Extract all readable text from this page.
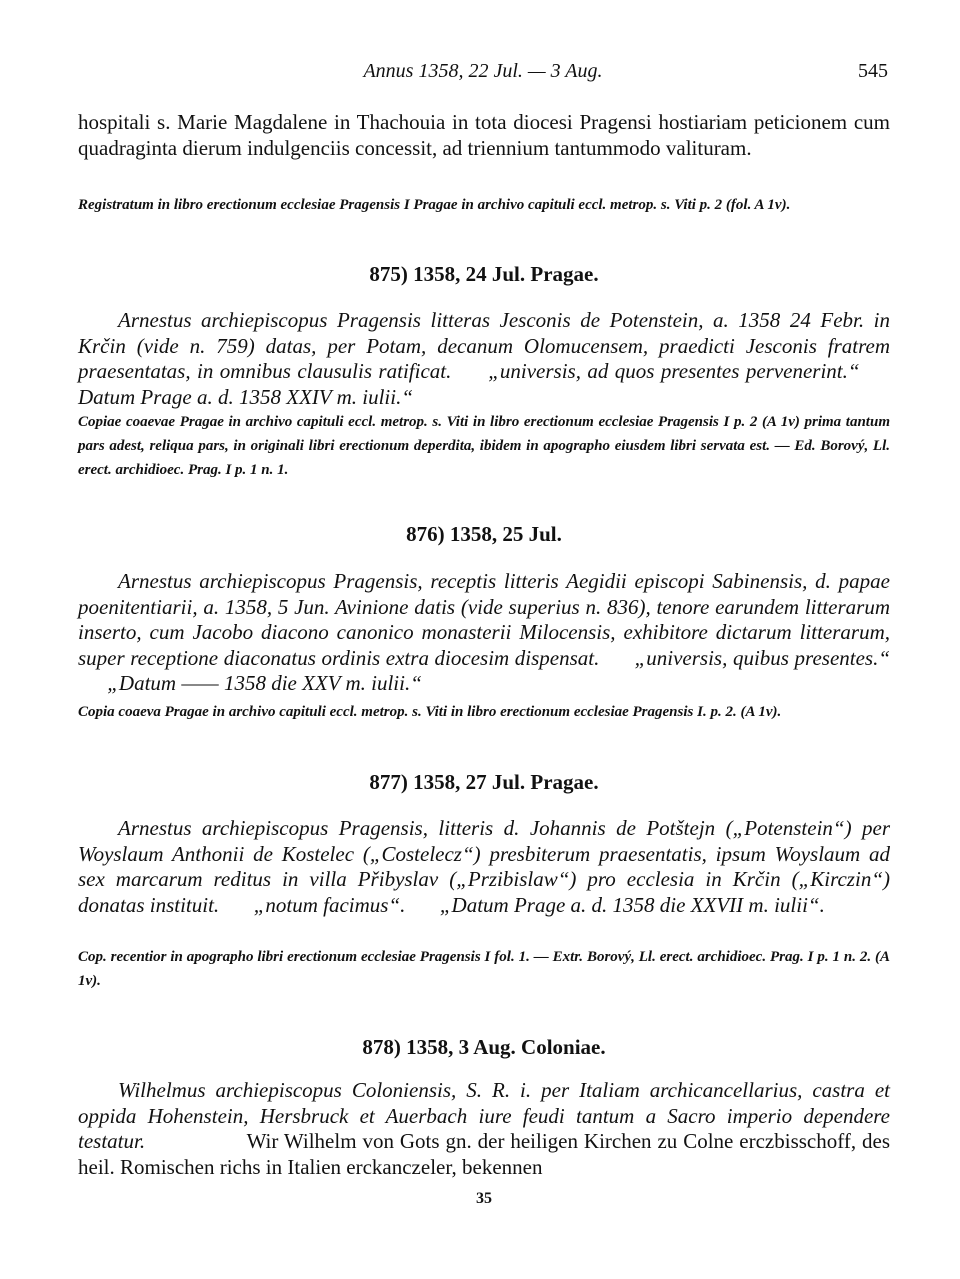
Annus 1358, 22 Jul. — 3 Aug.	545
hospitali s. Marie Magdalene in Thachouia in tota diocesi Pragensi hostiariam peticionem cum quadraginta dierum indulgenciis concessit, ad triennium tantummodo valituram.
Registratum in libro erectionum ecclesiae Pragensis I Pragae in archivo capituli eccl. metrop. s. Viti p. 2 (fol. A 1v).
875) 1358, 24 Jul. Pragae.
Arnestus archiepiscopus Pragensis litteras Jesconis de Potenstein, a. 1358 24 Febr. in Krčin (vide n. 759) datas, per Potam, decanum Olomucensem, praedicti Jesconis fratrem praesentatas, in omnibus clausulis ratificat. „universis, ad quos presentes pervenerint.“  Datum Prage a. d. 1358 XXIV m. iulii.“
Copiae coaevae Pragae in archivo capituli eccl. metrop. s. Viti in libro erectionum ecclesiae Pragensis I p. 2 (A 1v) prima tantum pars adest, reliqua pars, in originali libri erectionum deperdita, ibidem in apographo eiusdem libri servata est. — Ed. Borový, Ll. erect. archidioec. Prag. I p. 1 n. 1.
876) 1358, 25 Jul.
Arnestus archiepiscopus Pragensis, receptis litteris Aegidii episcopi Sabinensis, d. papae poenitentiarii, a. 1358, 5 Jun. Avinione datis (vide superius n. 836), tenore earundem litterarum inserto, cum Jacobo diacono canonico monasterii Milocensis, exhibitore dictarum litterarum, super receptione diaconatus ordinis extra diocesim dispensat. „universis, quibus presentes.“  „Datum —— 1358 die XXV m. iulii.“
Copia coaeva Pragae in archivo capituli eccl. metrop. s. Viti in libro erectionum ecclesiae Pragensis I. p. 2. (A 1v).
877) 1358, 27 Jul. Pragae.
Arnestus archiepiscopus Pragensis, litteris d. Johannis de Potštejn („Potenstein“) per Woyslaum Anthonii de Kostelec („Costelecz“) presbiterum praesentatis, ipsum Woyslaum ad sex marcarum reditus in villa Přibyslav („Przibislaw“) pro ecclesia in Krčin („Kirczin“) donatas instituit. „notum facimus“. „Datum Prage a. d. 1358 die XXVII m. iulii“.
Cop. recentior in apographo libri erectionum ecclesiae Pragensis I fol. 1. — Extr. Borový, Ll. erect. archidioec. Prag. I p. 1 n. 2. (A 1v).
878) 1358, 3 Aug. Coloniae.
Wilhelmus archiepiscopus Coloniensis, S. R. i. per Italiam archicancellarius, castra et oppida Hohenstein, Hersbruck et Auerbach iure feudi tantum a Sacro imperio dependere testatur.	Wir Wilhelm von Gots gn. der heiligen Kirchen zu Colne erczbisschoff, des heil. Romischen richs in Italien erckanczeler, bekennen
35
